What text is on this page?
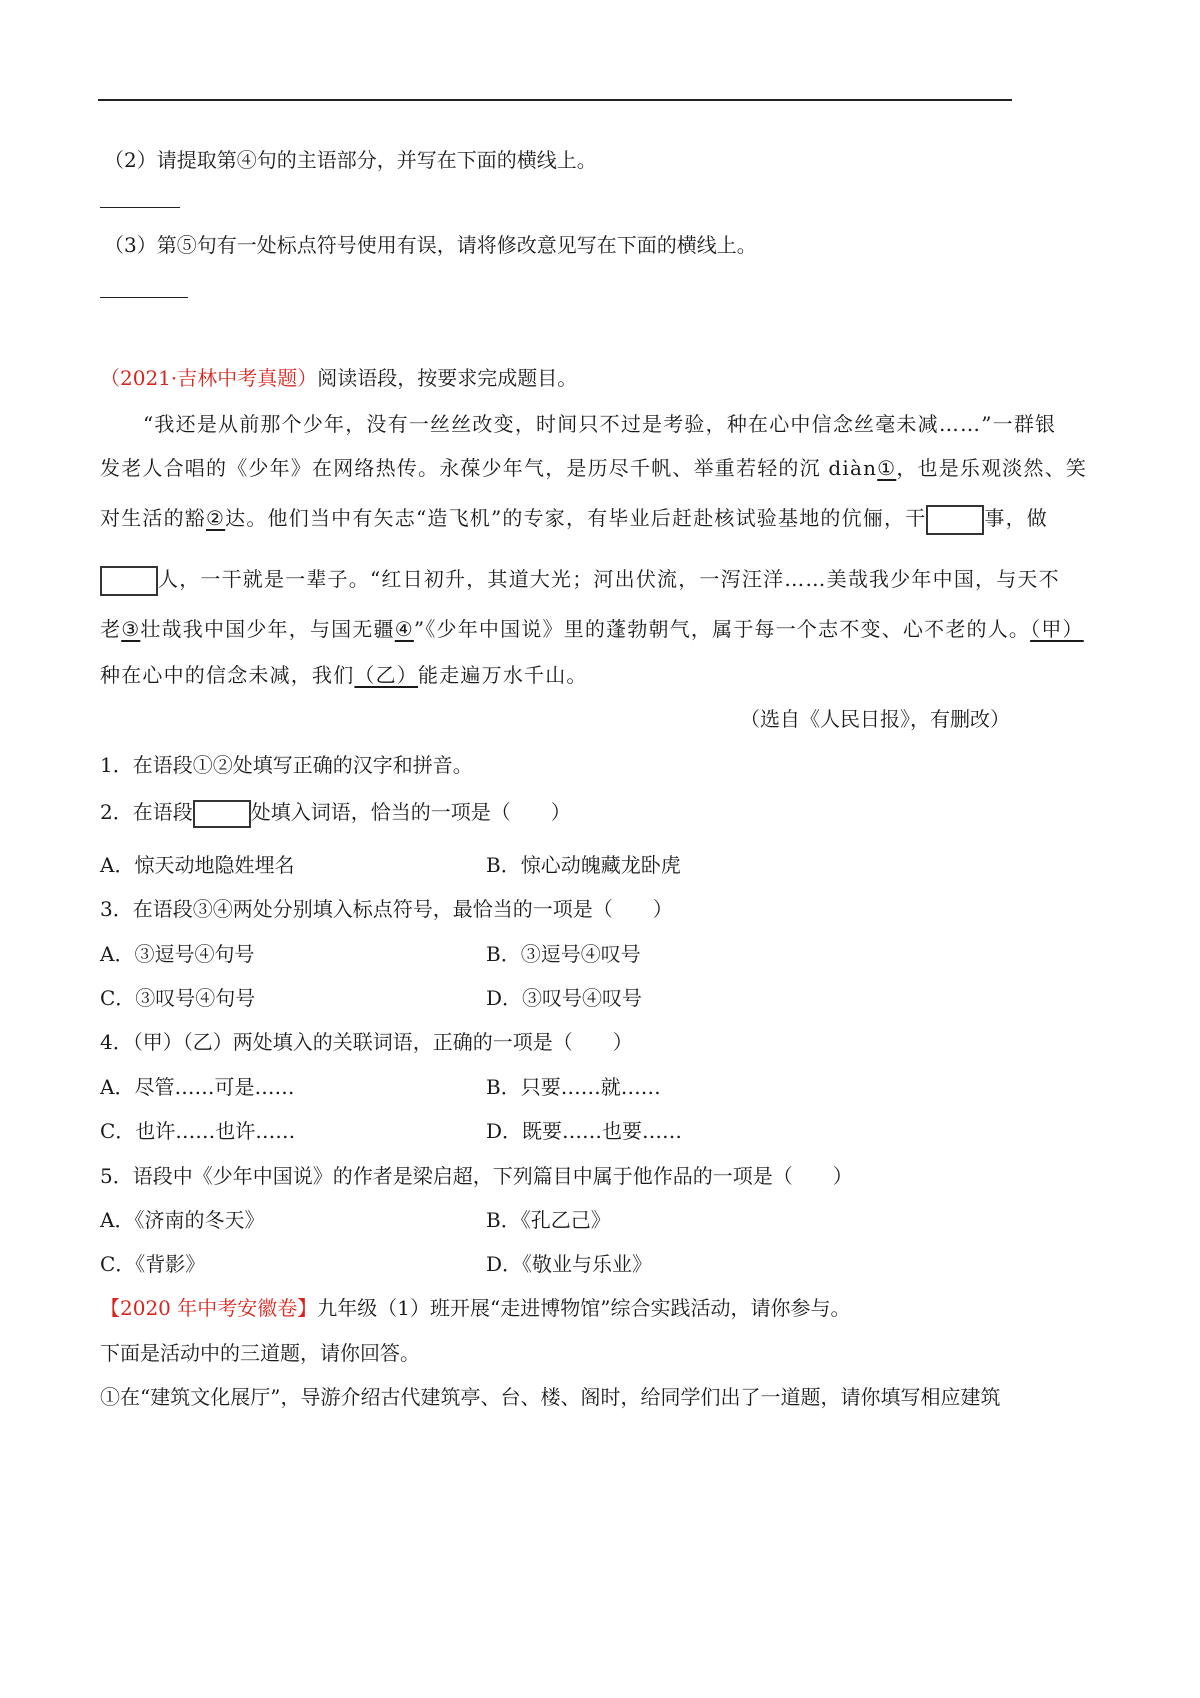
（2）请提取第④句的主语部分，并写在下面的横线上。
（3）第⑤句有一处标点符号使用有误，请将修改意见写在下面的横线上。
（2021·吉林中考真题）阅读语段，按要求完成题目。
“我还是从前那个少年，没有一丝丝改变，时间只不过是考验，种在心中信念丝毫未减……”一群银
发老人合唱的《少年》在网络热传。永葆少年气，是历尽千帆、举重若轻的沉 diàn①，也是乐观淡然、笑
对生活的豁②达。他们当中有矢志“造飞机”的专家，有毕业后赶赴核试验基地的伉俪，干	事，做
人，一干就是一辈子。“红日初升，其道大光；河出伏流，一泻汪洋……美哉我少年中国，与天不
老③壮哉我中国少年，与国无疆④”《少年中国说》里的蓬勃朝气，属于每一个志不变、心不老的人。（甲）
种在心中的信念未减，我们（乙）能走遍万水千山。
（选自《人民日报》，有删改）
1．在语段①②处填写正确的汉字和拼音。
2．在语段	处填入词语，恰当的一项是（　　）
A．惊天动地隐姓埋名	B．惊心动魄藏龙卧虎
3．在语段③④两处分别填入标点符号，最恰当的一项是（　　）
A．③逗号④句号	B．③逗号④叹号
C．③叹号④句号	D．③叹号④叹号
4．（甲）（乙）两处填入的关联词语，正确的一项是（　　）
A．尽管……可是……	B．只要……就……
C．也许……也许……	D．既要……也要……
5．语段中《少年中国说》的作者是梁启超，下列篇目中属于他作品的一项是（　　）
A．《济南的冬天》	B．《孔乙己》
C．《背影》	D．《敬业与乐业》
【2020 年中考安徽卷】九年级（1）班开展“走进博物馆”综合实践活动，请你参与。
下面是活动中的三道题，请你回答。
①在“建筑文化展厅”，导游介绍古代建筑亭、台、楼、阁时，给同学们出了一道题，请你填写相应建筑
